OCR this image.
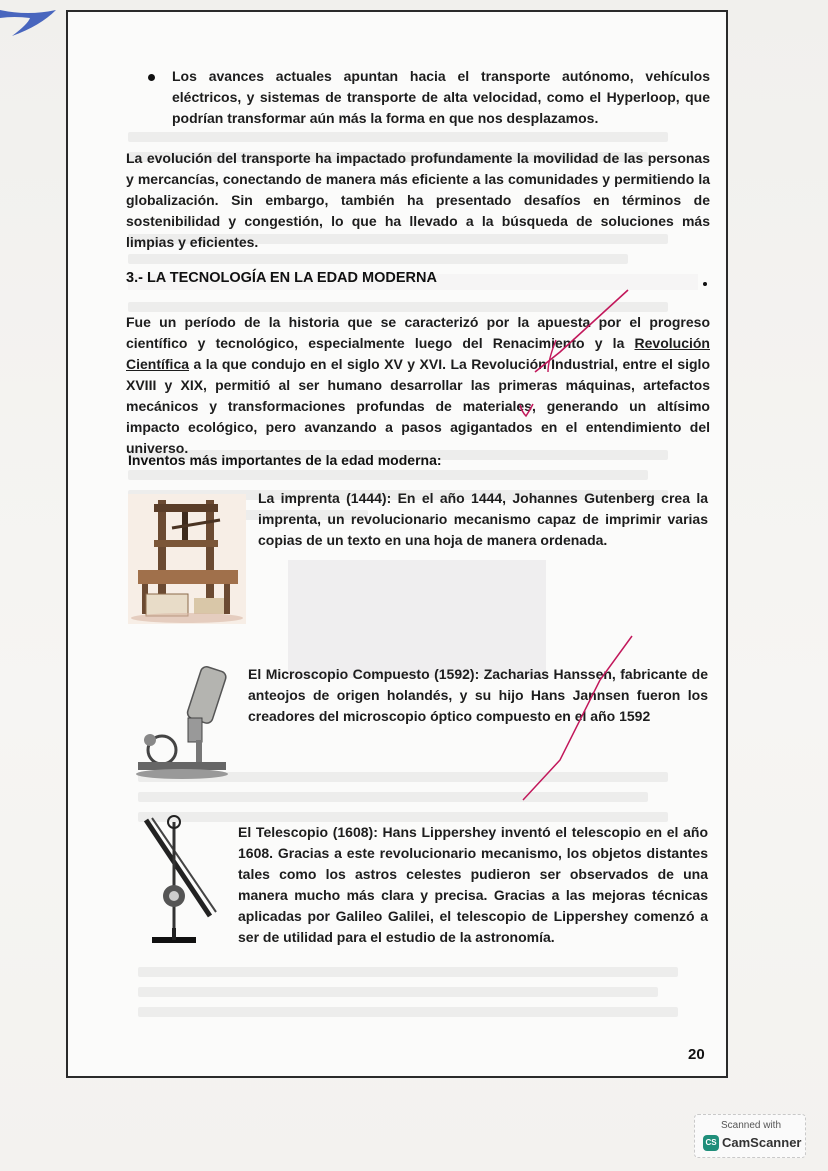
Los avances actuales apuntan hacia el transporte autónomo, vehículos eléctricos, y sistemas de transporte de alta velocidad, como el Hyperloop, que podrían transformar aún más la forma en que nos desplazamos.
La evolución del transporte ha impactado profundamente la movilidad de las personas y mercancías, conectando de manera más eficiente a las comunidades y permitiendo la globalización. Sin embargo, también ha presentado desafíos en términos de sostenibilidad y congestión, lo que ha llevado a la búsqueda de soluciones más limpias y eficientes.
3.- LA TECNOLOGÍA EN LA EDAD MODERNA
Fue un período de la historia que se caracterizó por la apuesta por el progreso científico y tecnológico, especialmente luego del Renacimiento y la Revolución Científica a la que condujo en el siglo XV y XVI. La Revolución Industrial, entre el siglo XVIII y XIX, permitió al ser humano desarrollar las primeras máquinas, artefactos mecánicos y transformaciones profundas de materiales, generando un altísimo impacto ecológico, pero avanzando a pasos agigantados en el entendimiento del universo.
Inventos más importantes de la edad moderna:
La imprenta (1444): En el año 1444, Johannes Gutenberg crea la imprenta, un revolucionario mecanismo capaz de imprimir varias copias de un texto en una hoja de manera ordenada.
El Microscopio Compuesto (1592): Zacharias Hanssen, fabricante de anteojos de origen holandés, y su hijo Hans Jannsen fueron los creadores del microscopio óptico compuesto en el año 1592
El Telescopio (1608): Hans Lippershey inventó el telescopio en el año 1608. Gracias a este revolucionario mecanismo, los objetos distantes tales como los astros celestes pudieron ser observados de una manera mucho más clara y precisa. Gracias a las mejoras técnicas aplicadas por Galileo Galilei, el telescopio de Lippershey comenzó a ser de utilidad para el estudio de la astronomía.
20
Scanned with
CS CamScanner
